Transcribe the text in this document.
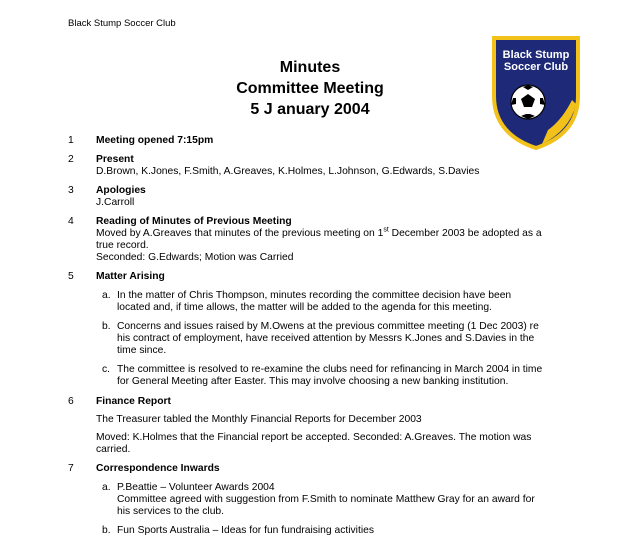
Black Stump Soccer Club
Minutes
Committee Meeting
5 J anuary 2004
Black Stump
Soccer Club
1 Meeting opened 7:15pm
2 Present
D.Brown, K.Jones, F.Smith, A.Greaves, K.Holmes, L.Johnson, G.Edwards, S.Davies
3 Apologies
J.Carroll
4 Reading of Minutes of Previous Meeting
Moved by A.Greaves that minutes of the previous meeting on 1st December 2003 be adopted as a
true record.
Seconded: G.Edwards; Motion was Carried
5 Matter Arising
a. In the matter of Chris Thompson, minutes recording the committee decision have been
located and, if time allows, the matter will be added to the agenda for this meeting.
b. Concerns and issues raised by M.Owens at the previous committee meeting (1 Dec 2003) re
his contract of employment, have received attention by Messrs K.Jones and S.Davies in the
time since.
c. The committee is resolved to re-examine the clubs need for refinancing in March 2004 in time
for General Meeting after Easter. This may involve choosing a new banking institution.
6 Finance Report
The Treasurer tabled the Monthly Financial Reports for December 2003
Moved: K.Holmes that the Financial report be accepted. Seconded: A.Greaves. The motion was
carried.
7 Correspondence Inwards
a. P.Beattie – Volunteer Awards 2004
Committee agreed with suggestion from F.Smith to nominate Matthew Gray for an award for
his services to the club.
b. Fun Sports Australia – Ideas for fun fundraising activities
